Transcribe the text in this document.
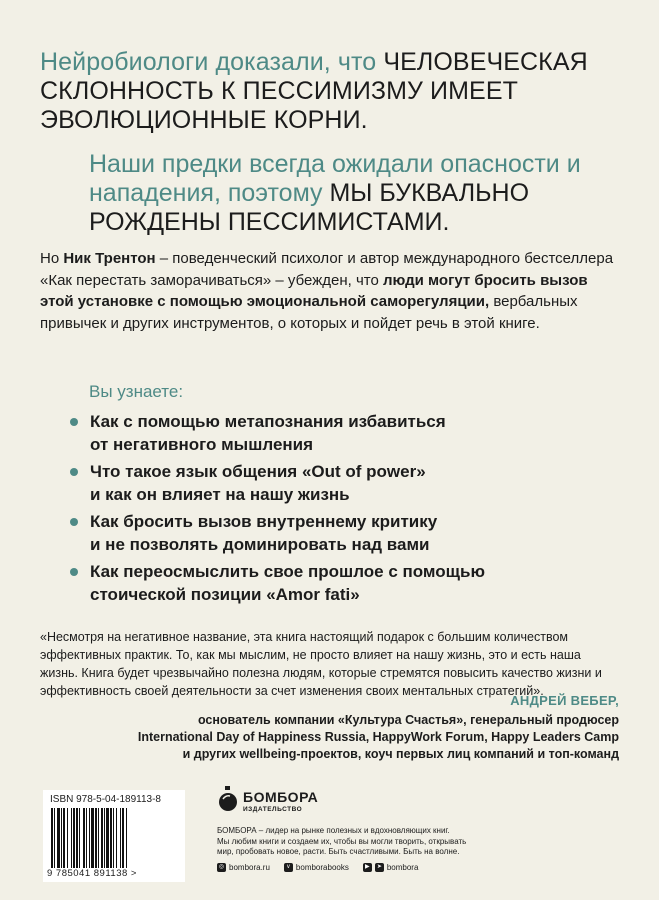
Нейробиологи доказали, что ЧЕЛОВЕЧЕСКАЯ СКЛОННОСТЬ К ПЕССИМИЗМУ ИМЕЕТ ЭВОЛЮЦИОННЫЕ КОРНИ.
Наши предки всегда ожидали опасности и нападения, поэтому МЫ БУКВАЛЬНО РОЖДЕНЫ ПЕССИМИСТАМИ.
Но Ник Трентон – поведенческий психолог и автор международного бестселлера «Как перестать заморачиваться» – убежден, что люди могут бросить вызов этой установке с помощью эмоциональной саморегуляции, вербальных привычек и других инструментов, о которых и пойдет речь в этой книге.
Вы узнаете:
Как с помощью метапознания избавиться
от негативного мышления
Что такое язык общения «Out of power»
и как он влияет на нашу жизнь
Как бросить вызов внутреннему критику
и не позволять доминировать над вами
Как переосмыслить свое прошлое с помощью
стоической позиции «Amor fati»
«Несмотря на негативное название, эта книга настоящий подарок с большим количеством эффективных практик. То, как мы мыслим, не просто влияет на нашу жизнь, это и есть наша жизнь. Книга будет чрезвычайно полезна людям, которые стремятся повысить качество жизни и эффективность своей деятельности за счет изменения своих ментальных стратегий».
АНДРЕЙ ВЕБЕР,
основатель компании «Культура Счастья», генеральный продюсер
International Day of Happiness Russia, HappyWork Forum, Happy Leaders Camp
и других wellbeing-проектов, коуч первых лиц компаний и топ-команд
ISBN 978-5-04-189113-8
9 785041 891138 >
БОМБОРА
ИЗДАТЕЛЬСТВО
БОМБОРА – лидер на рынке полезных и вдохновляющих книг.
Мы любим книги и создаем их, чтобы вы могли творить, открывать
мир, пробовать новое, расти. Быть счастливыми. Быть на волне.
◎ bombora.ru	v bomborabooks	▶	➤ bombora
